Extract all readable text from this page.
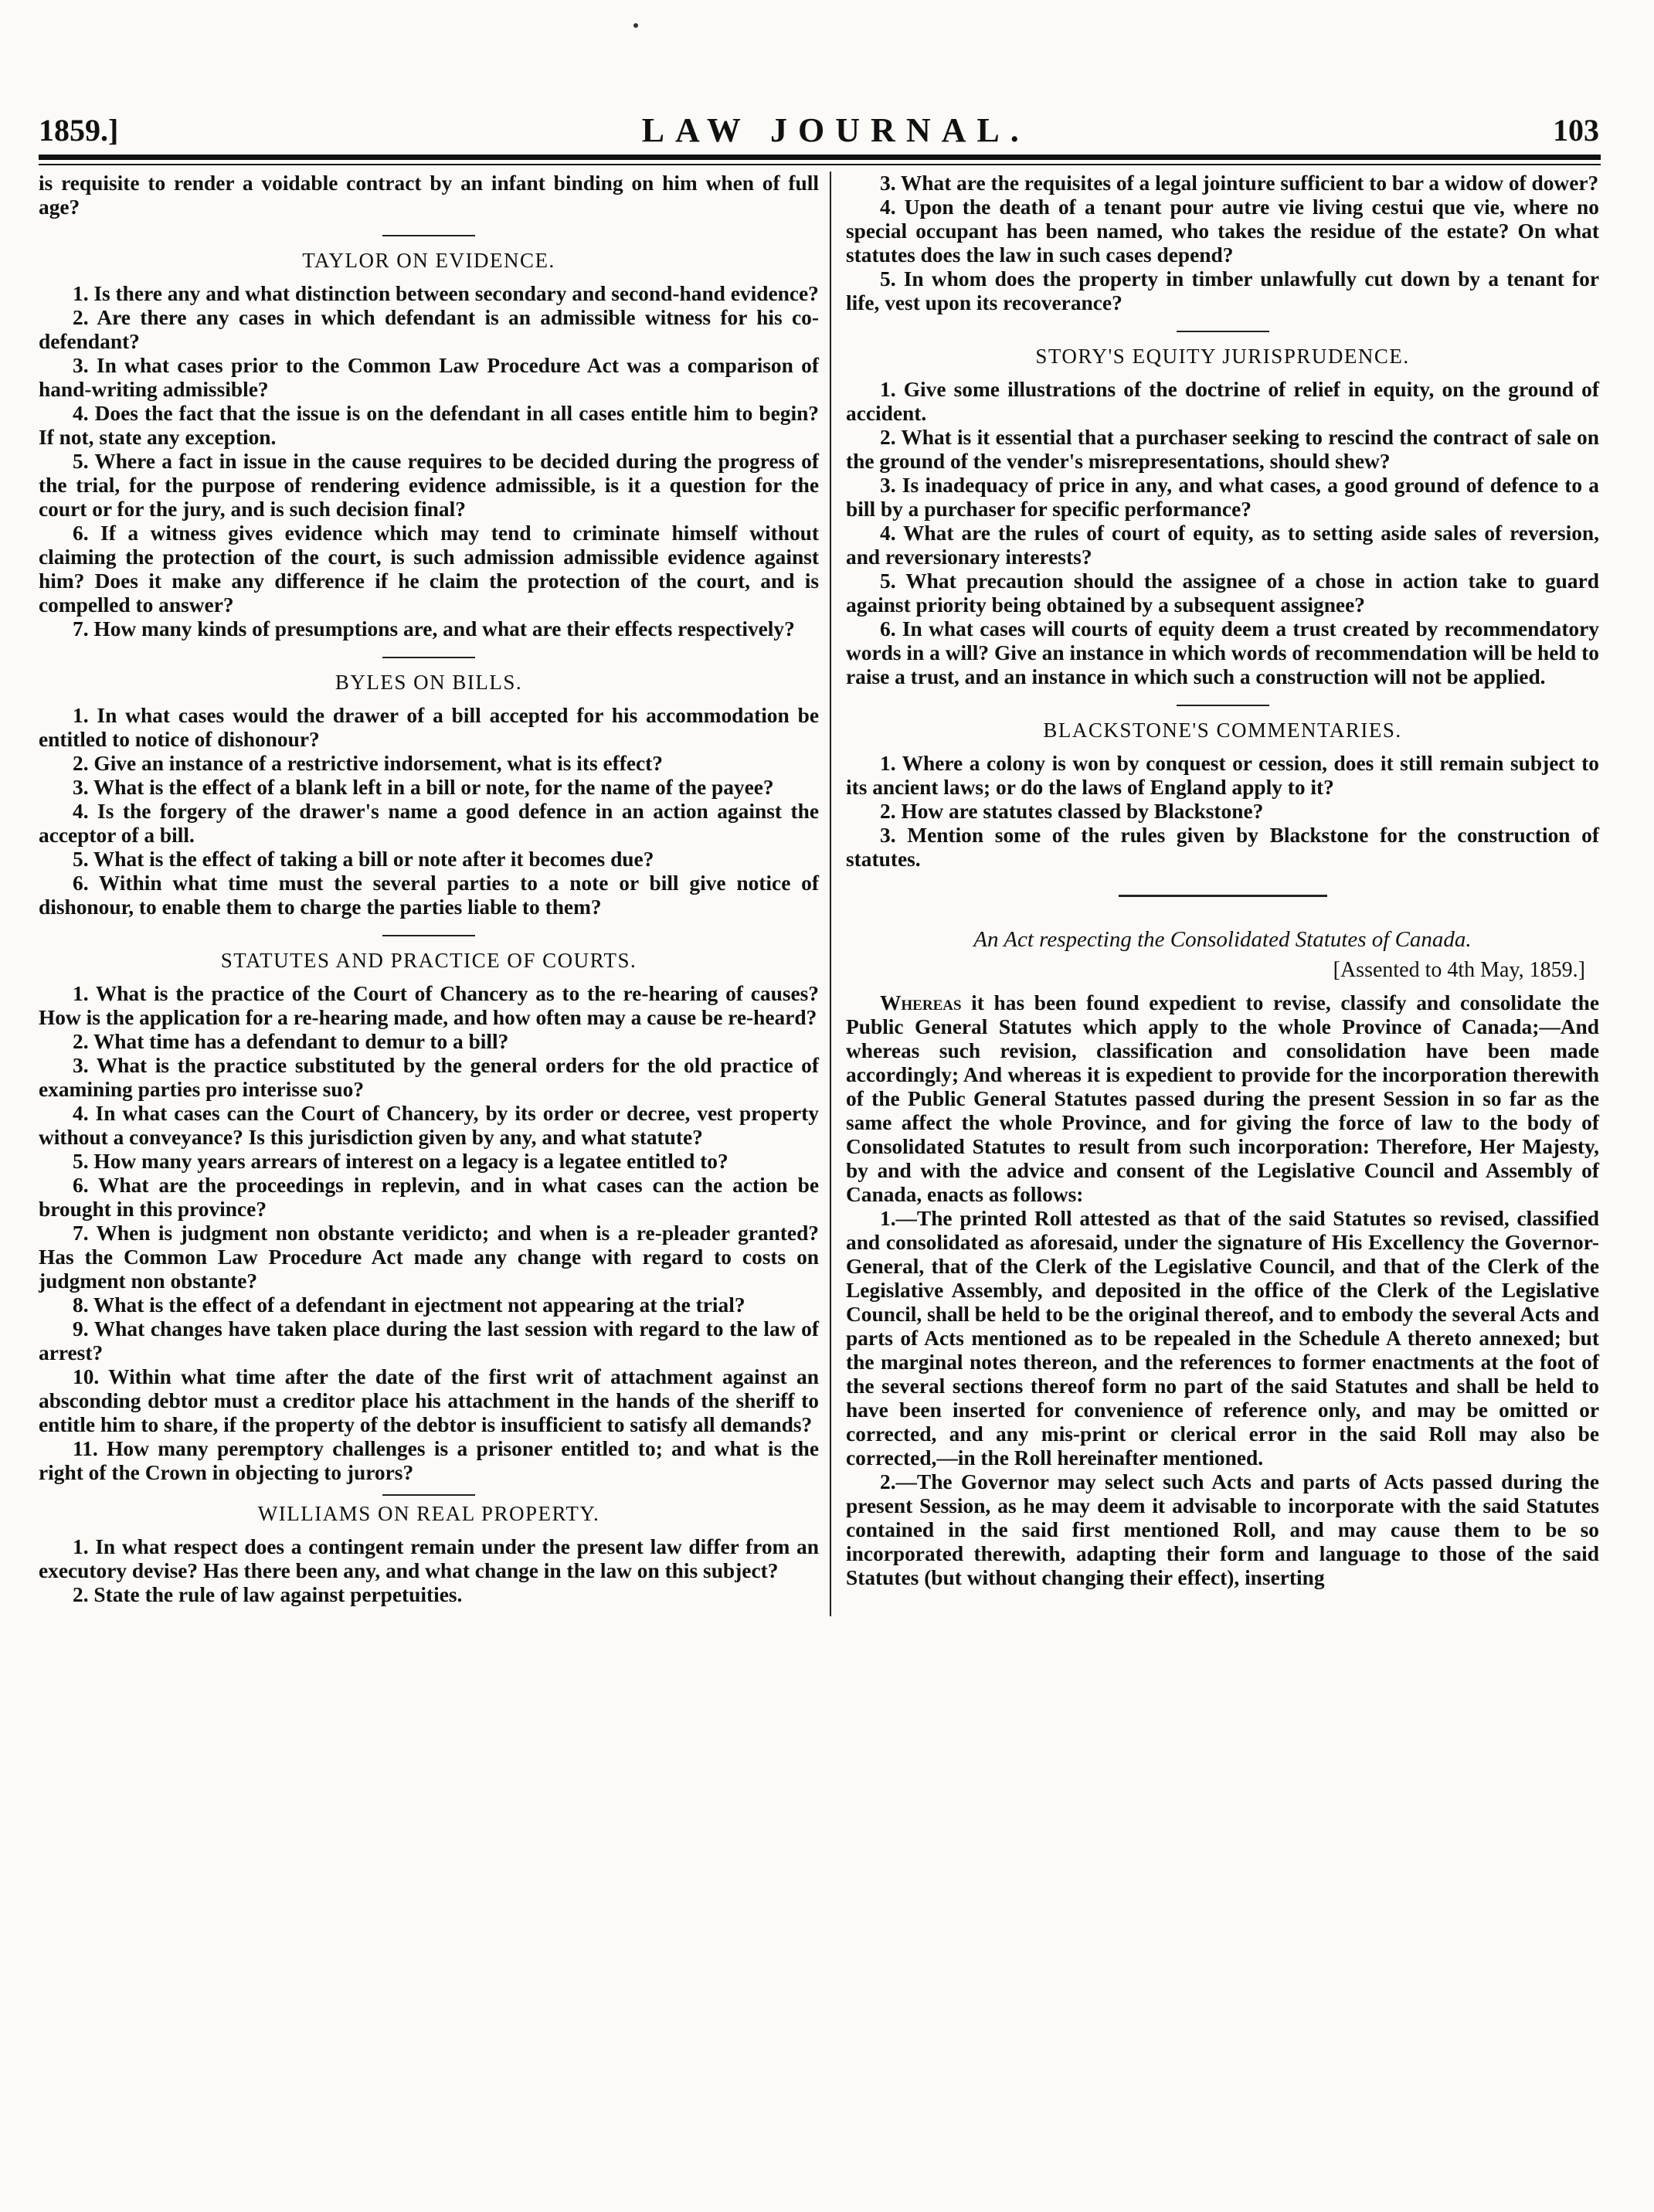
1859.]	LAW JOURNAL.	103

is requisite to render a voidable contract by an infant binding on him when of full age?

TAYLOR ON EVIDENCE.

1. Is there any and what distinction between secondary and second-hand evidence?

2. Are there any cases in which defendant is an admissible witness for his co-defendant?

3. In what cases prior to the Common Law Procedure Act was a comparison of hand-writing admissible?

4. Does the fact that the issue is on the defendant in all cases entitle him to begin? If not, state any exception.

5. Where a fact in issue in the cause requires to be decided during the progress of the trial, for the purpose of rendering evidence admissible, is it a question for the court or for the jury, and is such decision final?

6. If a witness gives evidence which may tend to criminate himself without claiming the protection of the court, is such admission admissible evidence against him? Does it make any difference if he claim the protection of the court, and is compelled to answer?

7. How many kinds of presumptions are, and what are their effects respectively?

BYLES ON BILLS.

1. In what cases would the drawer of a bill accepted for his accommodation be entitled to notice of dishonour?

2. Give an instance of a restrictive indorsement, what is its effect?

3. What is the effect of a blank left in a bill or note, for the name of the payee?

4. Is the forgery of the drawer's name a good defence in an action against the acceptor of a bill.

5. What is the effect of taking a bill or note after it becomes due?

6. Within what time must the several parties to a note or bill give notice of dishonour, to enable them to charge the parties liable to them?

STATUTES AND PRACTICE OF COURTS.

1. What is the practice of the Court of Chancery as to the re-hearing of causes? How is the application for a re-hearing made, and how often may a cause be re-heard?

2. What time has a defendant to demur to a bill?

3. What is the practice substituted by the general orders for the old practice of examining parties pro interisse suo?

4. In what cases can the Court of Chancery, by its order or decree, vest property without a conveyance? Is this jurisdiction given by any, and what statute?

5. How many years arrears of interest on a legacy is a legatee entitled to?

6. What are the proceedings in replevin, and in what cases can the action be brought in this province?

7. When is judgment non obstante veridicto; and when is a re-pleader granted? Has the Common Law Procedure Act made any change with regard to costs on judgment non obstante?

8. What is the effect of a defendant in ejectment not appearing at the trial?

9. What changes have taken place during the last session with regard to the law of arrest?

10. Within what time after the date of the first writ of attachment against an absconding debtor must a creditor place his attachment in the hands of the sheriff to entitle him to share, if the property of the debtor is insufficient to satisfy all demands?

11. How many peremptory challenges is a prisoner entitled to; and what is the right of the Crown in objecting to jurors?

WILLIAMS ON REAL PROPERTY.

1. In what respect does a contingent remain under the present law differ from an executory devise? Has there been any, and what change in the law on this subject?

2. State the rule of law against perpetuities.

3. What are the requisites of a legal jointure sufficient to bar a widow of dower?

4. Upon the death of a tenant pour autre vie living cestui que vie, where no special occupant has been named, who takes the residue of the estate? On what statutes does the law in such cases depend?

5. In whom does the property in timber unlawfully cut down by a tenant for life, vest upon its recoverance?

STORY'S EQUITY JURISPRUDENCE.

1. Give some illustrations of the doctrine of relief in equity, on the ground of accident.

2. What is it essential that a purchaser seeking to rescind the contract of sale on the ground of the vender's misrepresentations, should shew?

3. Is inadequacy of price in any, and what cases, a good ground of defence to a bill by a purchaser for specific performance?

4. What are the rules of court of equity, as to setting aside sales of reversion, and reversionary interests?

5. What precaution should the assignee of a chose in action take to guard against priority being obtained by a subsequent assignee?

6. In what cases will courts of equity deem a trust created by recommendatory words in a will? Give an instance in which words of recommendation will be held to raise a trust, and an instance in which such a construction will not be applied.

BLACKSTONE'S COMMENTARIES.

1. Where a colony is won by conquest or cession, does it still remain subject to its ancient laws; or do the laws of England apply to it?

2. How are statutes classed by Blackstone?

3. Mention some of the rules given by Blackstone for the construction of statutes.

An Act respecting the Consolidated Statutes of Canada.
[Assented to 4th May, 1859.]

Whereas it has been found expedient to revise, classify and consolidate the Public General Statutes which apply to the whole Province of Canada;—And whereas such revision, classification and consolidation have been made accordingly; And whereas it is expedient to provide for the incorporation therewith of the Public General Statutes passed during the present Session in so far as the same affect the whole Province, and for giving the force of law to the body of Consolidated Statutes to result from such incorporation: Therefore, Her Majesty, by and with the advice and consent of the Legislative Council and Assembly of Canada, enacts as follows:

1.—The printed Roll attested as that of the said Statutes so revised, classified and consolidated as aforesaid, under the signature of His Excellency the Governor-General, that of the Clerk of the Legislative Council, and that of the Clerk of the Legislative Assembly, and deposited in the office of the Clerk of the Legislative Council, shall be held to be the original thereof, and to embody the several Acts and parts of Acts mentioned as to be repealed in the Schedule A thereto annexed; but the marginal notes thereon, and the references to former enactments at the foot of the several sections thereof form no part of the said Statutes and shall be held to have been inserted for convenience of reference only, and may be omitted or corrected, and any mis-print or clerical error in the said Roll may also be corrected,—in the Roll hereinafter mentioned.

2.—The Governor may select such Acts and parts of Acts passed during the present Session, as he may deem it advisable to incorporate with the said Statutes contained in the said first mentioned Roll, and may cause them to be so incorporated therewith, adapting their form and language to those of the said Statutes (but without changing their effect), inserting
